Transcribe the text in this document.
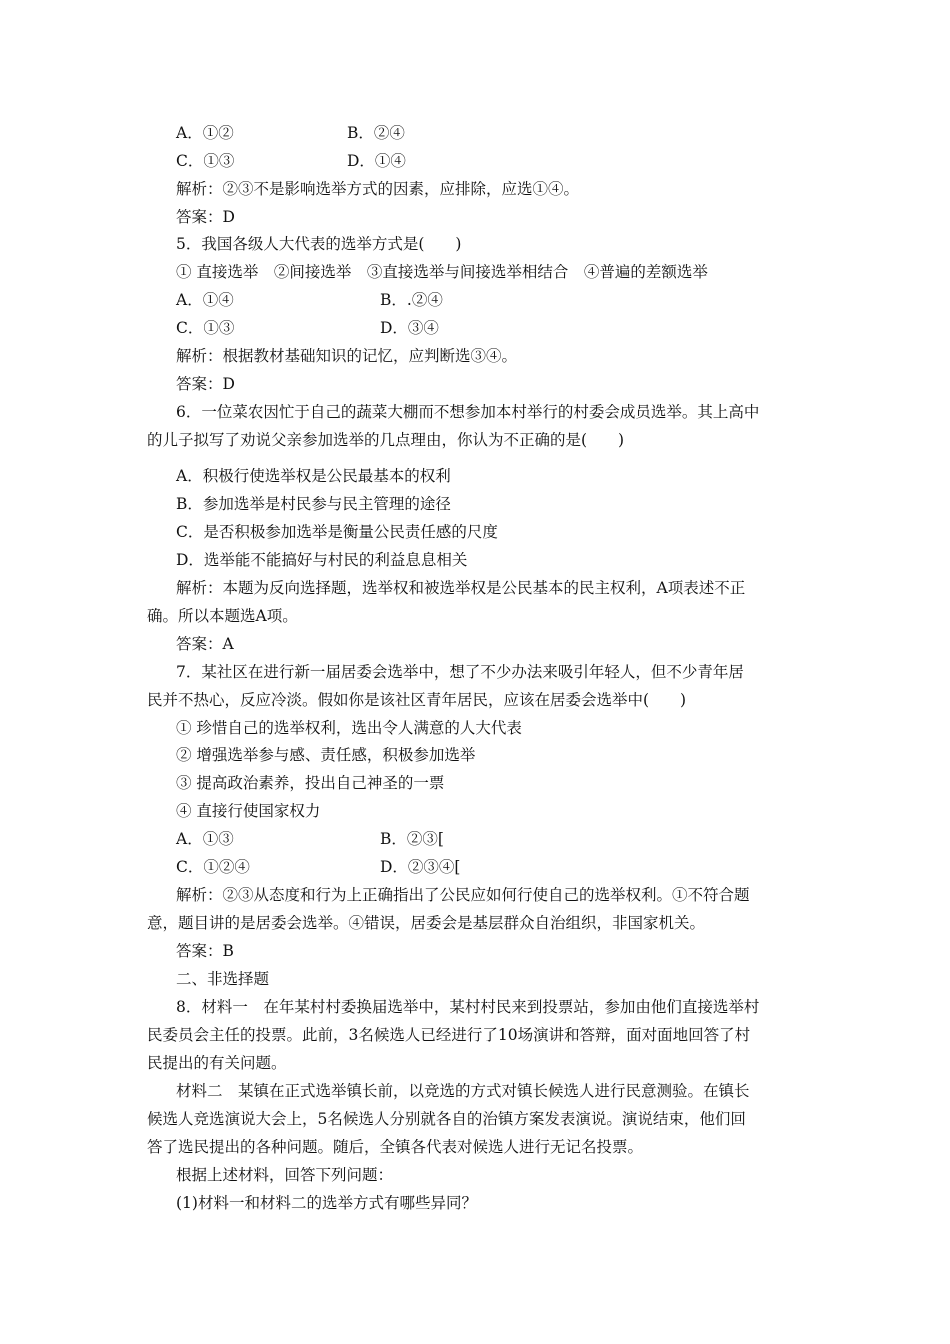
A．①②	B．②④
C．①③	D．①④
解析：②③不是影响选举方式的因素，应排除，应选①④。
答案：D
5．我国各级人大代表的选举方式是(　　)
① 直接选举　②间接选举　③直接选举与间接选举相结合　④普遍的差额选举
A．①④	B．.②④
C．①③	D．③④
解析：根据教材基础知识的记忆，应判断选③④。
答案：D
6．一位菜农因忙于自己的蔬菜大棚而不想参加本村举行的村委会成员选举。其上高中
的儿子拟写了劝说父亲参加选举的几点理由，你认为不正确的是(　　)
A．积极行使选举权是公民最基本的权利
B．参加选举是村民参与民主管理的途径
C．是否积极参加选举是衡量公民责任感的尺度
D．选举能不能搞好与村民的利益息息相关
解析：本题为反向选择题，选举权和被选举权是公民基本的民主权利，A项表述不正
确。所以本题选A项。
答案：A
7．某社区在进行新一届居委会选举中，想了不少办法来吸引年轻人，但不少青年居
民并不热心，反应冷淡。假如你是该社区青年居民，应该在居委会选举中(　　)
① 珍惜自己的选举权利，选出令人满意的人大代表
② 增强选举参与感、责任感，积极参加选举
③ 提高政治素养，投出自己神圣的一票
④ 直接行使国家权力
A．①③	B．②③[
C．①②④	D．②③④[
解析：②③从态度和行为上正确指出了公民应如何行使自己的选举权利。①不符合题
意，题目讲的是居委会选举。④错误，居委会是基层群众自治组织，非国家机关。
答案：B
二、非选择题
8．材料一　在年某村村委换届选举中，某村村民来到投票站，参加由他们直接选举村
民委员会主任的投票。此前，3名候选人已经进行了10场演讲和答辩，面对面地回答了村
民提出的有关问题。
材料二　某镇在正式选举镇长前，以竞选的方式对镇长候选人进行民意测验。在镇长
候选人竞选演说大会上，5名候选人分别就各自的治镇方案发表演说。演说结束，他们回
答了选民提出的各种问题。随后，全镇各代表对候选人进行无记名投票。
根据上述材料，回答下列问题：
(1)材料一和材料二的选举方式有哪些异同？
